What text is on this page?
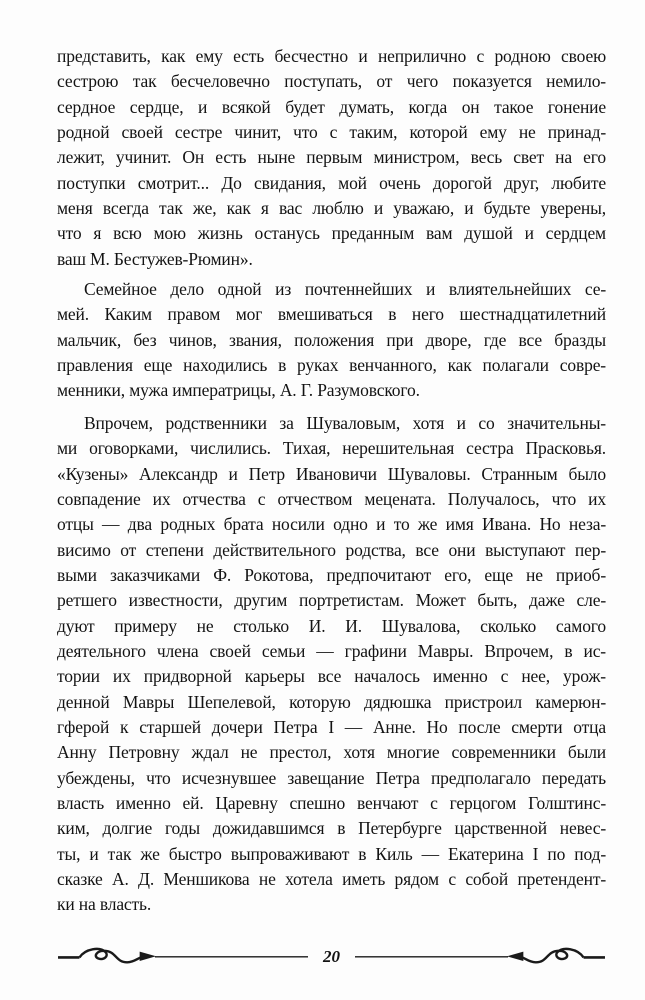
представить, как ему есть бесчестно и неприлично с родною своею
сестрою так бесчеловечно поступать, от чего показуется немило-
сердное сердце, и всякой будет думать, когда он такое гонение
родной своей сестре чинит, что с таким, которой ему не принад-
лежит, учинит. Он есть ныне первым министром, весь свет на его
поступки смотрит... До свидания, мой очень дорогой друг, любите
меня всегда так же, как я вас люблю и уважаю, и будьте уверены,
что я всю мою жизнь останусь преданным вам душой и сердцем
ваш М. Бестужев-Рюмин».
Семейное дело одной из почтеннейших и влиятельнейших се-
мей. Каким правом мог вмешиваться в него шестнадцатилетний
мальчик, без чинов, звания, положения при дворе, где все бразды
правления еще находились в руках венчанного, как полагали совре-
менники, мужа императрицы, А. Г. Разумовского.
Впрочем, родственники за Шуваловым, хотя и со значительны-
ми оговорками, числились. Тихая, нерешительная сестра Прасковья.
«Кузены» Александр и Петр Ивановичи Шуваловы. Странным было
совпадение их отчества с отчеством мецената. Получалось, что их
отцы — два родных брата носили одно и то же имя Ивана. Но неза-
висимо от степени действительного родства, все они выступают пер-
выми заказчиками Ф. Рокотова, предпочитают его, еще не приоб-
ретшего известности, другим портретистам. Может быть, даже сле-
дуют примеру не столько И. И. Шувалова, сколько самого
деятельного члена своей семьи — графини Мавры. Впрочем, в ис-
тории их придворной карьеры все началось именно с нее, урож-
денной Мавры Шепелевой, которую дядюшка пристроил камерюн-
гферой к старшей дочери Петра I — Анне. Но после смерти отца
Анну Петровну ждал не престол, хотя многие современники были
убеждены, что исчезнувшее завещание Петра предполагало передать
власть именно ей. Царевну спешно венчают с герцогом Голштинс-
ким, долгие годы дожидавшимся в Петербурге царственной невес-
ты, и так же быстро выпроваживают в Киль — Екатерина I по под-
сказке А. Д. Меншикова не хотела иметь рядом с собой претендент-
ки на власть.
20
